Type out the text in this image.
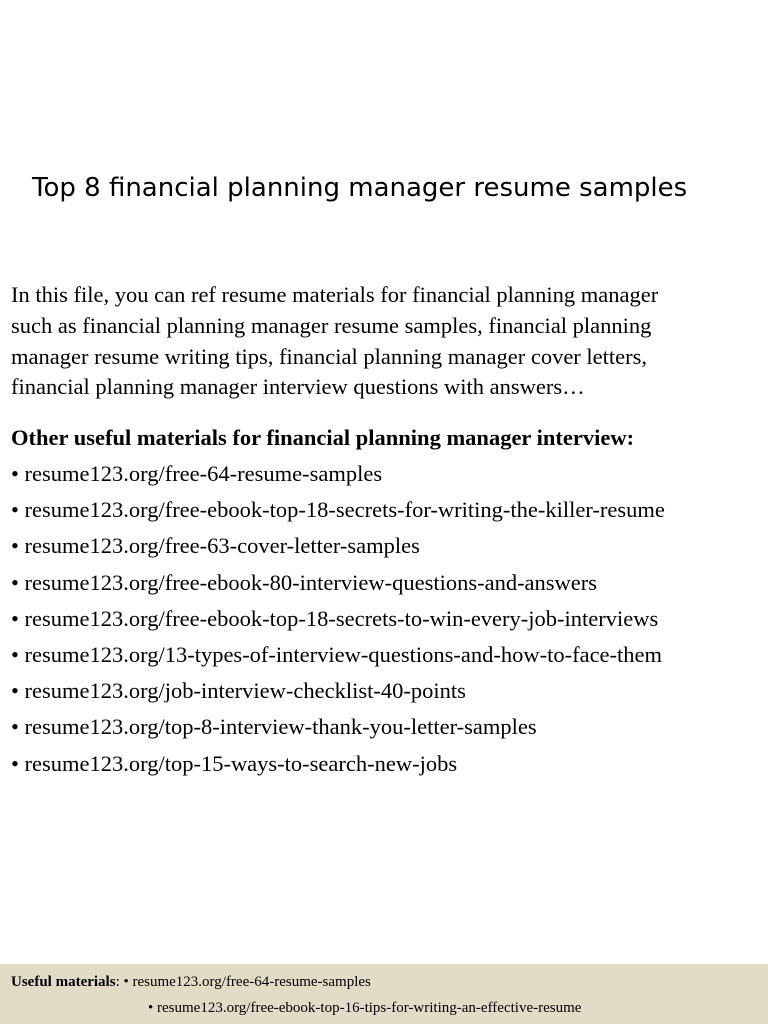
Top 8 financial planning manager resume samples

In this file, you can ref resume materials for financial planning manager
such as financial planning manager resume samples, financial planning
manager resume writing tips, financial planning manager cover letters,
financial planning manager interview questions with answers…

Other useful materials for financial planning manager interview:
• resume123.org/free-64-resume-samples
• resume123.org/free-ebook-top-18-secrets-for-writing-the-killer-resume
• resume123.org/free-63-cover-letter-samples
• resume123.org/free-ebook-80-interview-questions-and-answers
• resume123.org/free-ebook-top-18-secrets-to-win-every-job-interviews
• resume123.org/13-types-of-interview-questions-and-how-to-face-them
• resume123.org/job-interview-checklist-40-points
• resume123.org/top-8-interview-thank-you-letter-samples
• resume123.org/top-15-ways-to-search-new-jobs
Useful materials: • resume123.org/free-64-resume-samples
• resume123.org/free-ebook-top-16-tips-for-writing-an-effective-resume
